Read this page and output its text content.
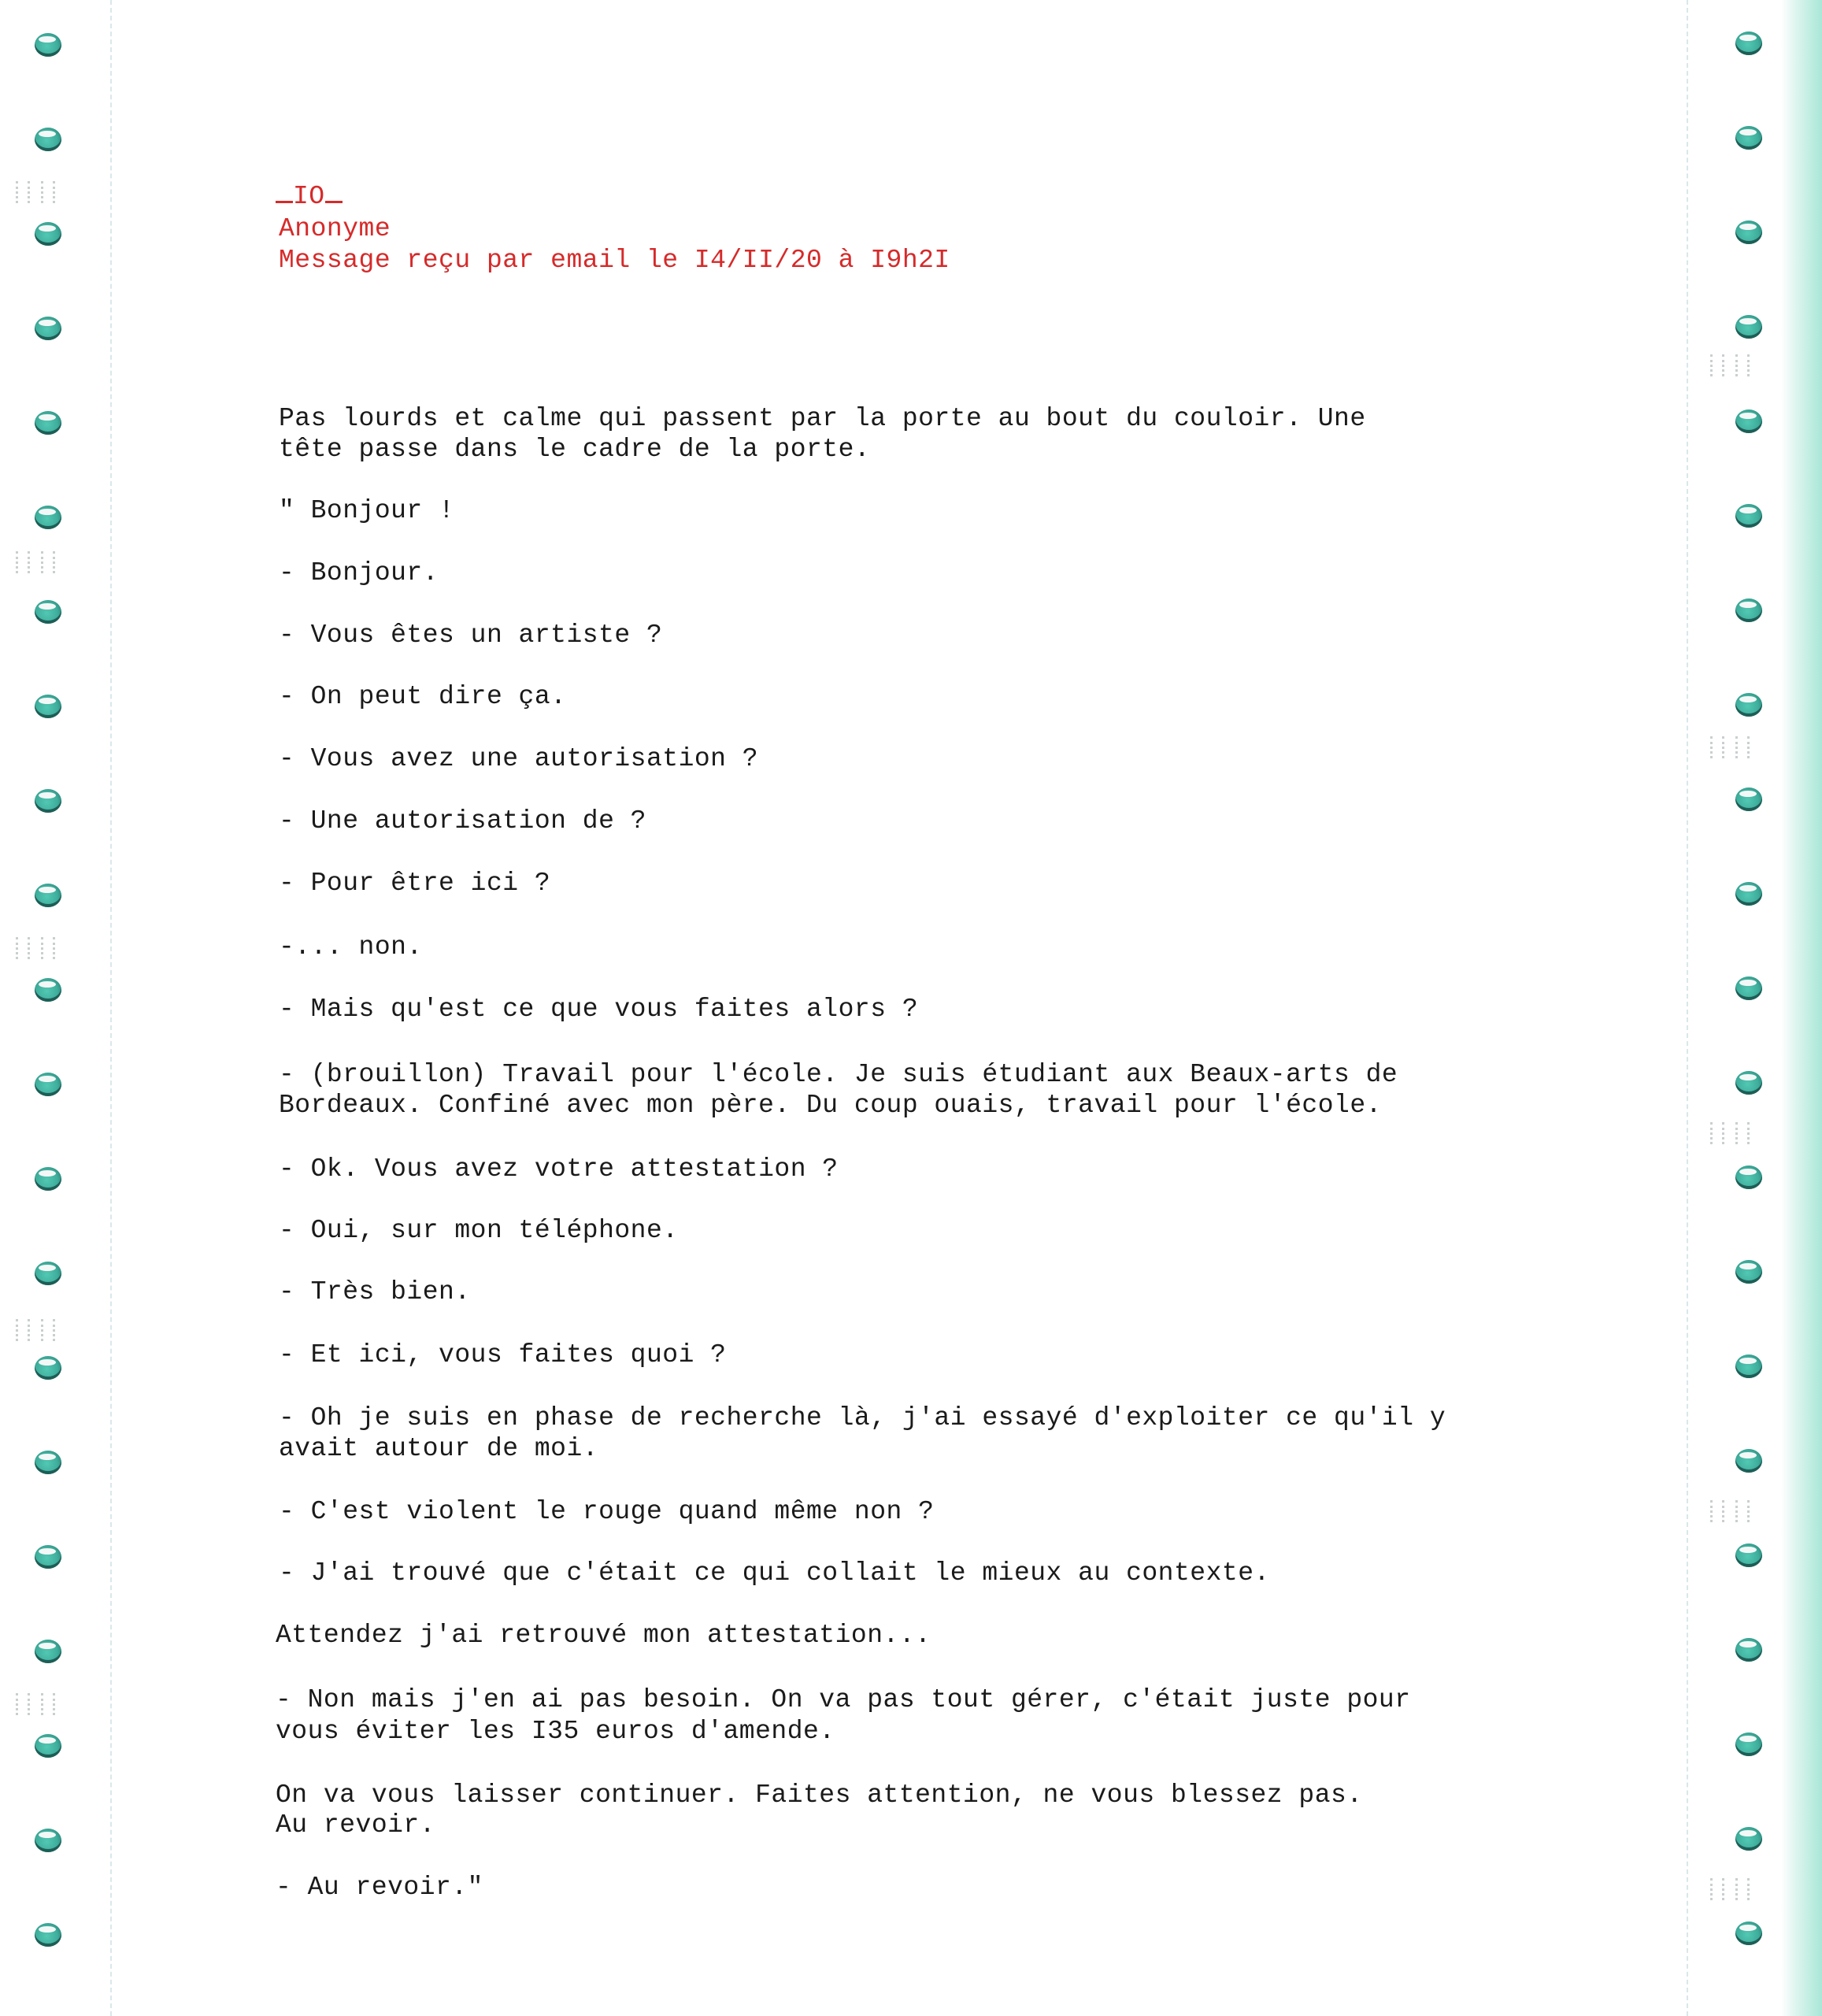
IO
Anonyme
Message reçu par email le I4/II/20 à I9h2I
Pas lourds et calme qui passent par la porte au bout du couloir. Une
tête passe dans le cadre de la porte.
" Bonjour !
- Bonjour.
- Vous êtes un artiste ?
- On peut dire ça.
- Vous avez une autorisation ?
- Une autorisation de ?
- Pour être ici ?
-... non.
- Mais qu'est ce que vous faites alors ?
- (brouillon) Travail pour l'école. Je suis étudiant aux Beaux-arts de
Bordeaux. Confiné avec mon père. Du coup ouais, travail pour l'école.
- Ok. Vous avez votre attestation ?
- Oui, sur mon téléphone.
- Très bien.
- Et ici, vous faites quoi ?
- Oh je suis en phase de recherche là, j'ai essayé d'exploiter ce qu'il y
avait autour de moi.
- C'est violent le rouge quand même non ?
- J'ai trouvé que c'était ce qui collait le mieux au contexte.
Attendez j'ai retrouvé mon attestation...
- Non mais j'en ai pas besoin. On va pas tout gérer, c'était juste pour
vous éviter les I35 euros d'amende.
On va vous laisser continuer. Faites attention, ne vous blessez pas.
Au revoir.
- Au revoir."
